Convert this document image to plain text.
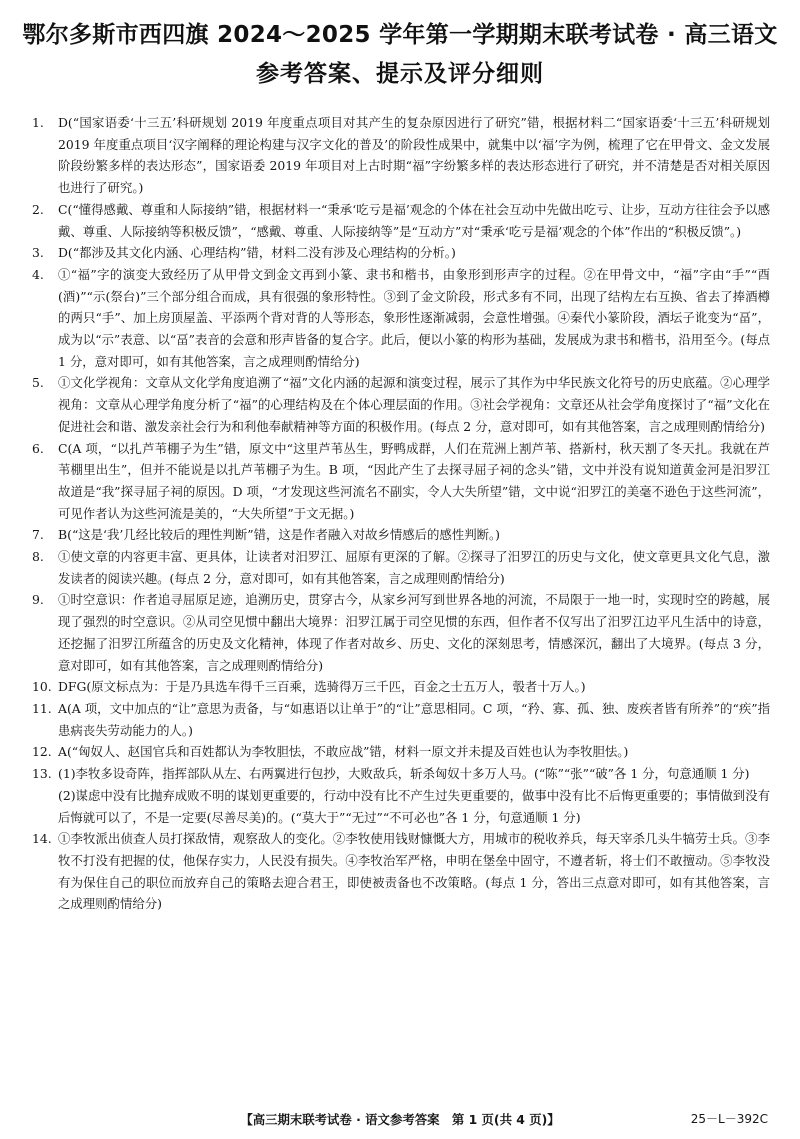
鄂尔多斯市西四旗 2024～2025 学年第一学期期末联考试卷 · 高三语文
参考答案、提示及评分细则

1. D(“国家语委‘十三五’科研规划 2019 年度重点项目对其产生的复杂原因进行了研究”错，根据材料二“国家语委‘十三五’科研规划 2019 年度重点项目‘汉字阐释的理论构建与汉字文化的普及’的阶段性成果中，就集中以‘福’字为例，梳理了它在甲骨文、金文发展阶段纷繁多样的表达形态”，国家语委 2019 年项目对上古时期“福”字纷繁多样的表达形态进行了研究，并不清楚是否对相关原因也进行了研究。)

2. C(“懂得感戴、尊重和人际接纳”错，根据材料一“秉承‘吃亏是福’观念的个体在社会互动中先做出吃亏、让步，互动方往往会予以感戴、尊重、人际接纳等积极反馈”，“感戴、尊重、人际接纳等”是“互动方”对“秉承‘吃亏是福’观念的个体”作出的“积极反馈”。)

3. D(“都涉及其文化内涵、心理结构”错，材料二没有涉及心理结构的分析。)

4. ①“福”字的演变大致经历了从甲骨文到金文再到小篆、隶书和楷书，由象形到形声字的过程。②在甲骨文中，“福”字由“手”“酉(酒)”“示(祭台)”三个部分组合而成，具有很强的象形特性。③到了金文阶段，形式多有不同，出现了结构左右互换、省去了捧酒樽的两只“手”、加上房顶屋盖、平添两个背对背的人等形态，象形性逐渐减弱，会意性增强。④秦代小篆阶段，酒坛子讹变为“畐”，成为以“示”表意、以“畐”表音的会意和形声皆备的复合字。此后，便以小篆的构形为基础，发展成为隶书和楷书，沿用至今。(每点 1 分，意对即可，如有其他答案，言之成理则酌情给分)

5. ①文化学视角：文章从文化学角度追溯了“福”文化内涵的起源和演变过程，展示了其作为中华民族文化符号的历史底蕴。②心理学视角：文章从心理学角度分析了“福”的心理结构及在个体心理层面的作用。③社会学视角：文章还从社会学角度探讨了“福”文化在促进社会和谐、激发亲社会行为和利他奉献精神等方面的积极作用。(每点 2 分，意对即可，如有其他答案，言之成理则酌情给分)

6. C(A 项，“以扎芦苇棚子为生”错，原文中“这里芦苇丛生，野鸭成群，人们在荒洲上割芦苇、搭新村，秋天割了冬天扎。我就在芦苇棚里出生”，但并不能说是以扎芦苇棚子为生。B 项，“因此产生了去探寻屈子祠的念头”错，文中并没有说知道黄金河是汨罗江故道是“我”探寻屈子祠的原因。D 项，“才发现这些河流名不副实，令人大失所望”错，文中说“汨罗江的美毫不逊色于这些河流”，可见作者认为这些河流是美的，“大失所望”于文无据。)

7. B(“这是‘我’几经比较后的理性判断”错，这是作者融入对故乡情感后的感性判断。)

8. ①使文章的内容更丰富、更具体，让读者对汨罗江、屈原有更深的了解。②探寻了汨罗江的历史与文化，使文章更具文化气息，激发读者的阅读兴趣。(每点 2 分，意对即可，如有其他答案，言之成理则酌情给分)

9. ①时空意识：作者追寻屈原足迹，追溯历史，贯穿古今，从家乡河写到世界各地的河流，不局限于一地一时，实现时空的跨越，展现了强烈的时空意识。②从司空见惯中翻出大境界：汨罗江属于司空见惯的东西，但作者不仅写出了汨罗江边平凡生活中的诗意，还挖掘了汨罗江所蕴含的历史及文化精神，体现了作者对故乡、历史、文化的深刻思考，情感深沉，翻出了大境界。(每点 3 分，意对即可，如有其他答案，言之成理则酌情给分)

10. DFG(原文标点为：于是乃具选车得千三百乘，选骑得万三千匹，百金之士五万人，彀者十万人。)

11. A(A 项，文中加点的“让”意思为责备，与“如惠语以让单于”的“让”意思相同。C 项，“矜、寡、孤、独、废疾者皆有所养”的“疾”指患病丧失劳动能力的人。)

12. A(“匈奴人、赵国官兵和百姓都认为李牧胆怯，不敢应战”错，材料一原文并未提及百姓也认为李牧胆怯。)

13. (1)李牧多设奇阵，指挥部队从左、右两翼进行包抄，大败敌兵，斩杀匈奴十多万人马。(“陈”“张”“破”各 1 分，句意通顺 1 分)
(2)谋虑中没有比抛弃成败不明的谋划更重要的，行动中没有比不产生过失更重要的，做事中没有比不后悔更重要的；事情做到没有后悔就可以了，不是一定要(尽善尽美)的。(“莫大于”“无过”“不可必也”各 1 分，句意通顺 1 分)

14. ①李牧派出侦查人员打探敌情，观察敌人的变化。②李牧使用钱财慷慨大方，用城市的税收养兵，每天宰杀几头牛犒劳士兵。③李牧不打没有把握的仗，他保存实力，人民没有损失。④李牧治军严格，申明在堡垒中固守，不遵者斩，将士们不敢擅动。⑤李牧没有为保住自己的职位而放弃自己的策略去迎合君王，即使被责备也不改策略。(每点 1 分，答出三点意对即可，如有其他答案，言之成理则酌情给分)

【高三期末联考试卷 · 语文参考答案　第 1 页(共 4 页)】	25－L－392C
